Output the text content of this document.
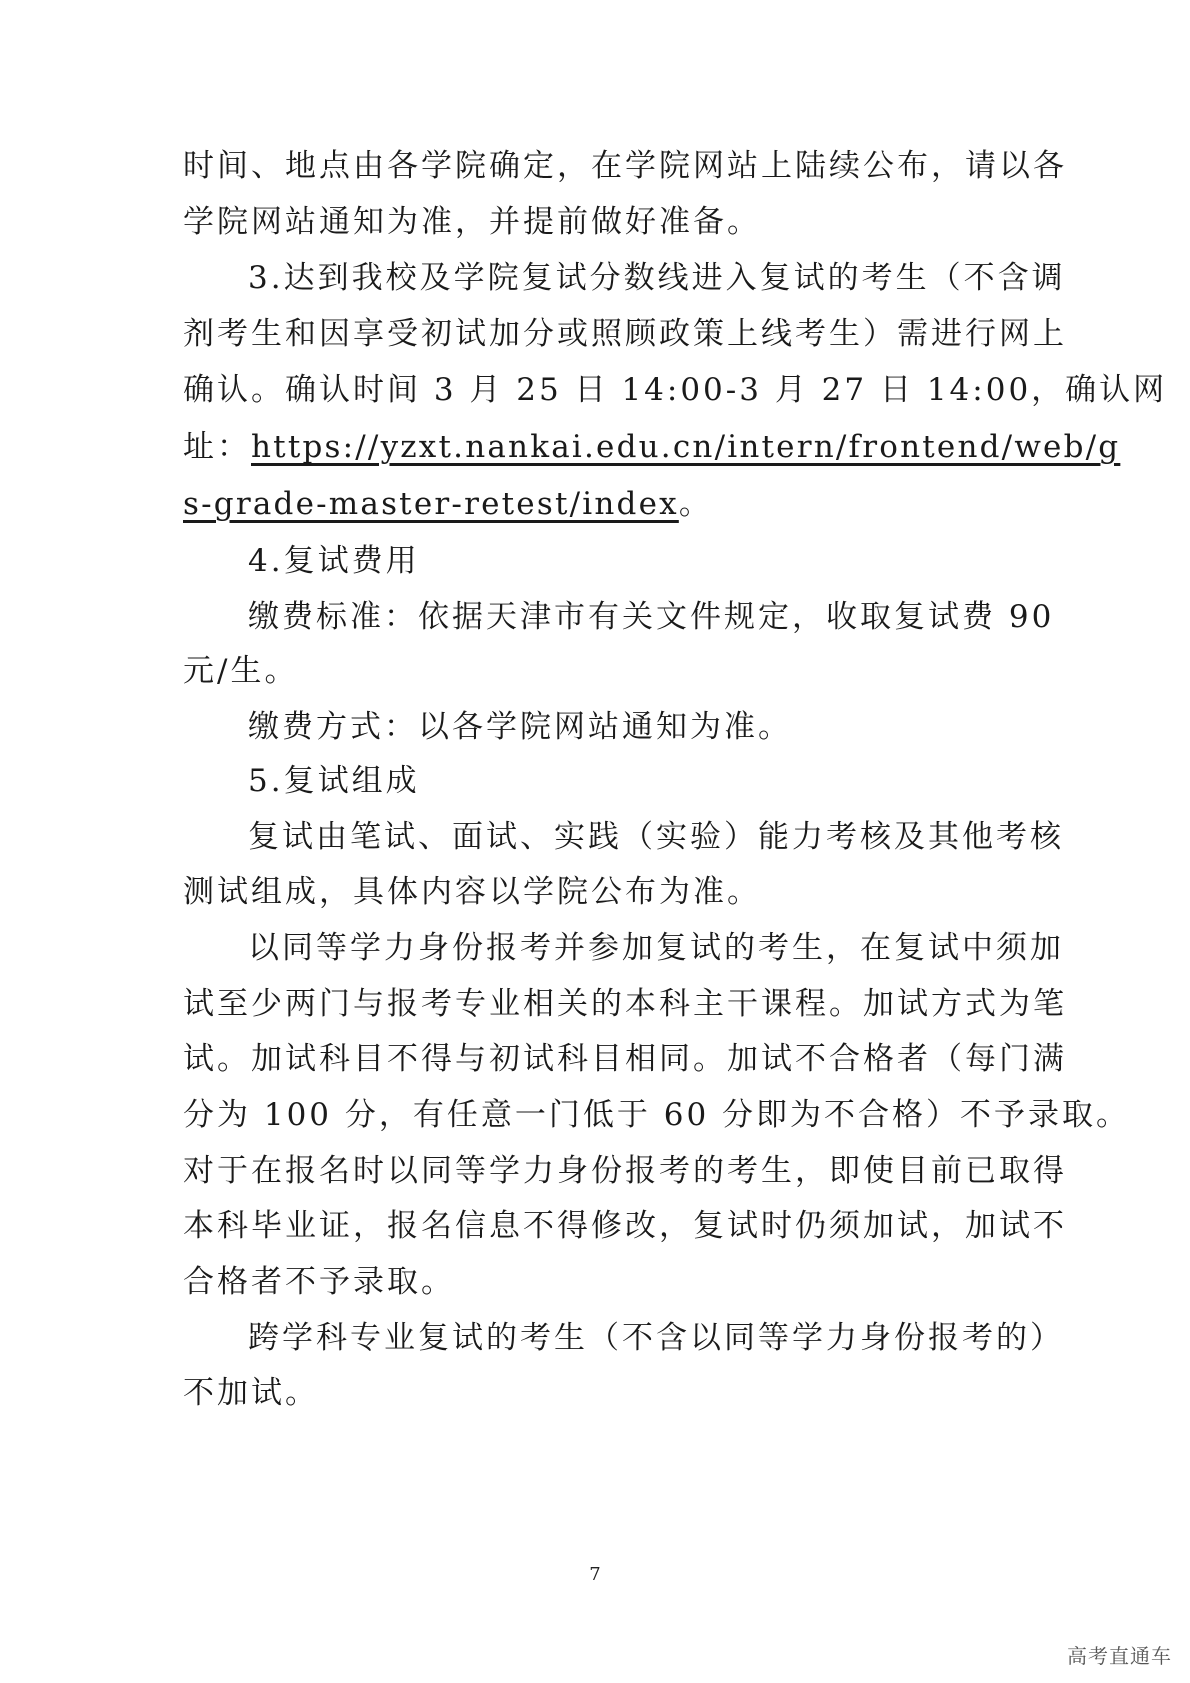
时间、地点由各学院确定，在学院网站上陆续公布，请以各
学院网站通知为准，并提前做好准备。
3.达到我校及学院复试分数线进入复试的考生（不含调
剂考生和因享受初试加分或照顾政策上线考生）需进行网上
确认。确认时间 3 月 25 日 14:00-3 月 27 日 14:00，确认网
址：https://yzxt.nankai.edu.cn/intern/frontend/web/g
s-grade-master-retest/index。
4.复试费用
缴费标准：依据天津市有关文件规定，收取复试费 90
元/生。
缴费方式：以各学院网站通知为准。
5.复试组成
复试由笔试、面试、实践（实验）能力考核及其他考核
测试组成，具体内容以学院公布为准。
以同等学力身份报考并参加复试的考生，在复试中须加
试至少两门与报考专业相关的本科主干课程。加试方式为笔
试。加试科目不得与初试科目相同。加试不合格者（每门满
分为 100 分，有任意一门低于 60 分即为不合格）不予录取。
对于在报名时以同等学力身份报考的考生，即使目前已取得
本科毕业证，报名信息不得修改，复试时仍须加试，加试不
合格者不予录取。
跨学科专业复试的考生（不含以同等学力身份报考的）
不加试。
7
高考直通车
